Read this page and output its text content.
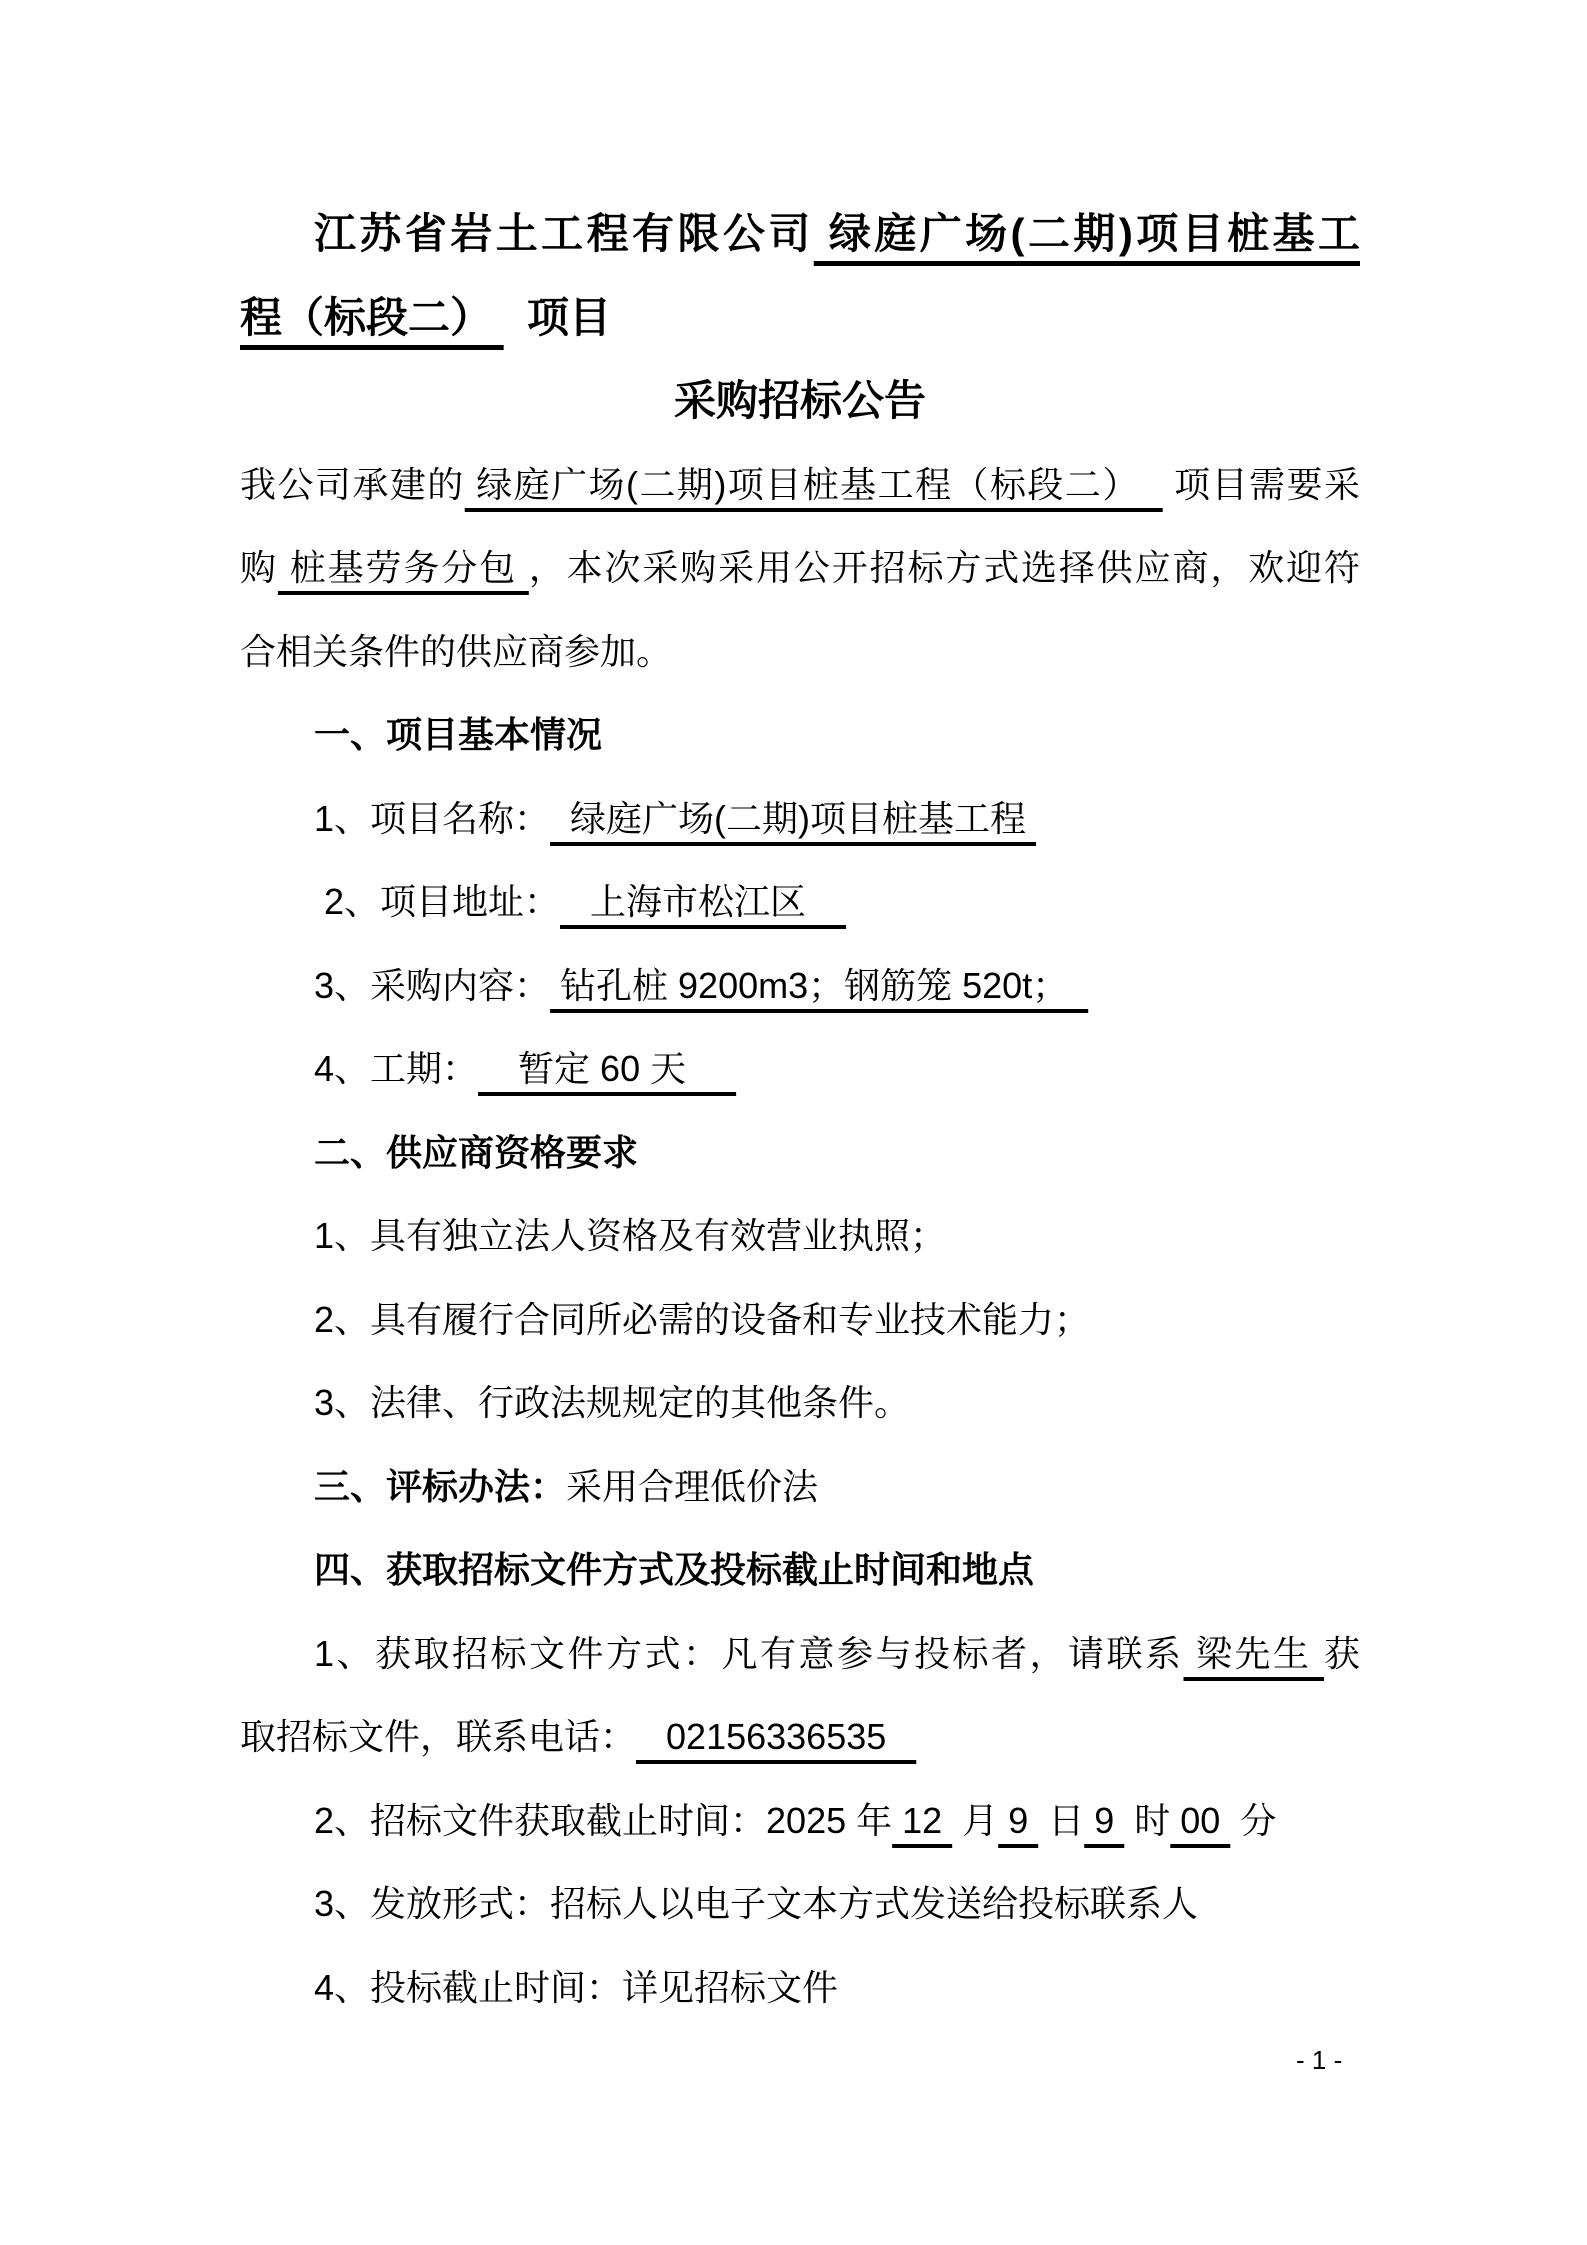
江苏省岩土工程有限公司 绿庭广场(二期)项目桩基工
程（标段二）   项目
采购招标公告
我公司承建的 绿庭广场(二期)项目桩基工程（标段二）   项目需要采
购 桩基劳务分包 ，本次采购采用公开招标方式选择供应商，欢迎符
合相关条件的供应商参加。
一、项目基本情况
1、项目名称：  绿庭广场(二期)项目桩基工程
2、项目地址：   上海市松江区
3、采购内容： 钻孔桩 9200m3；钢筋笼 520t；
4、工期：    暂定 60 天
二、供应商资格要求
1、具有独立法人资格及有效营业执照；
2、具有履行合同所必需的设备和专业技术能力；
3、法律、行政法规规定的其他条件。
三、评标办法：采用合理低价法
四、获取招标文件方式及投标截止时间和地点
1、获取招标文件方式：凡有意参与投标者，请联系 梁先生 获
取招标文件，联系电话：   02156336535
2、招标文件获取截止时间：2025 年 12  月 9  日 9  时 00  分
3、发放形式：招标人以电子文本方式发送给投标联系人
4、投标截止时间：详见招标文件
- 1 -
